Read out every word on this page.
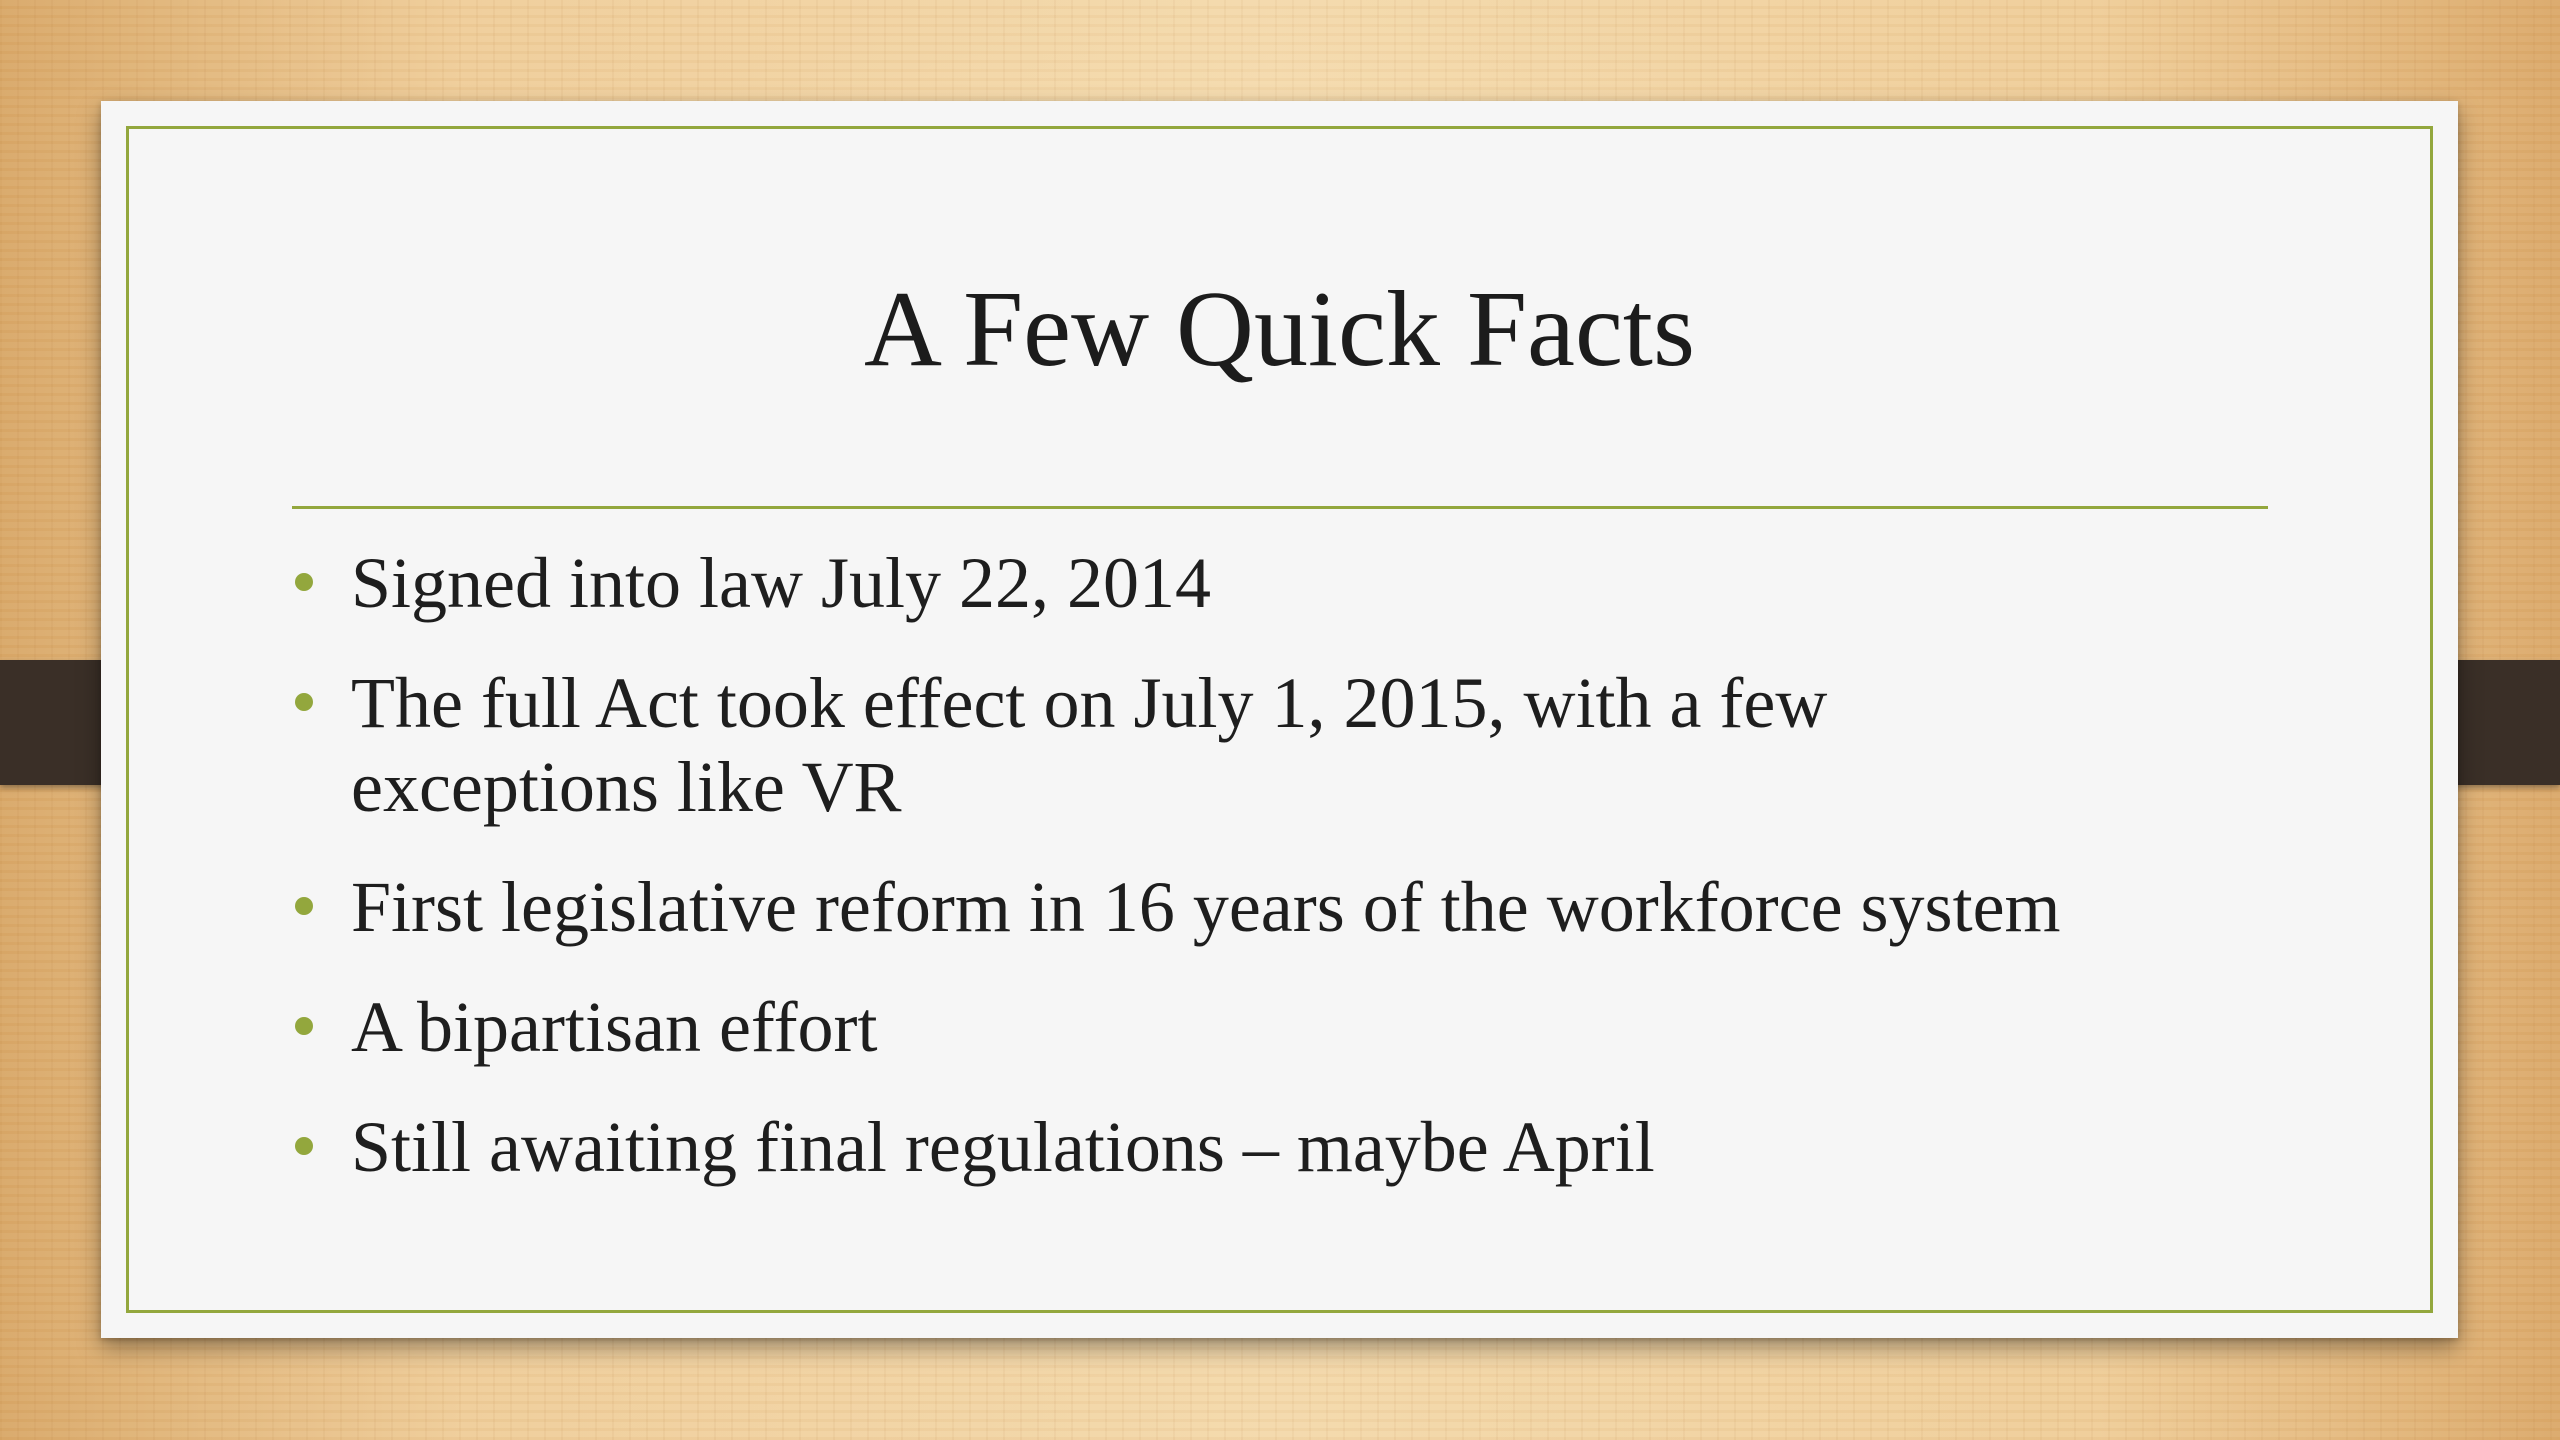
A Few Quick Facts
Signed into law July 22, 2014
The full Act took effect on July 1, 2015, with a few exceptions like VR
First legislative reform in 16 years of the workforce system
A bipartisan effort
Still awaiting final regulations – maybe April
